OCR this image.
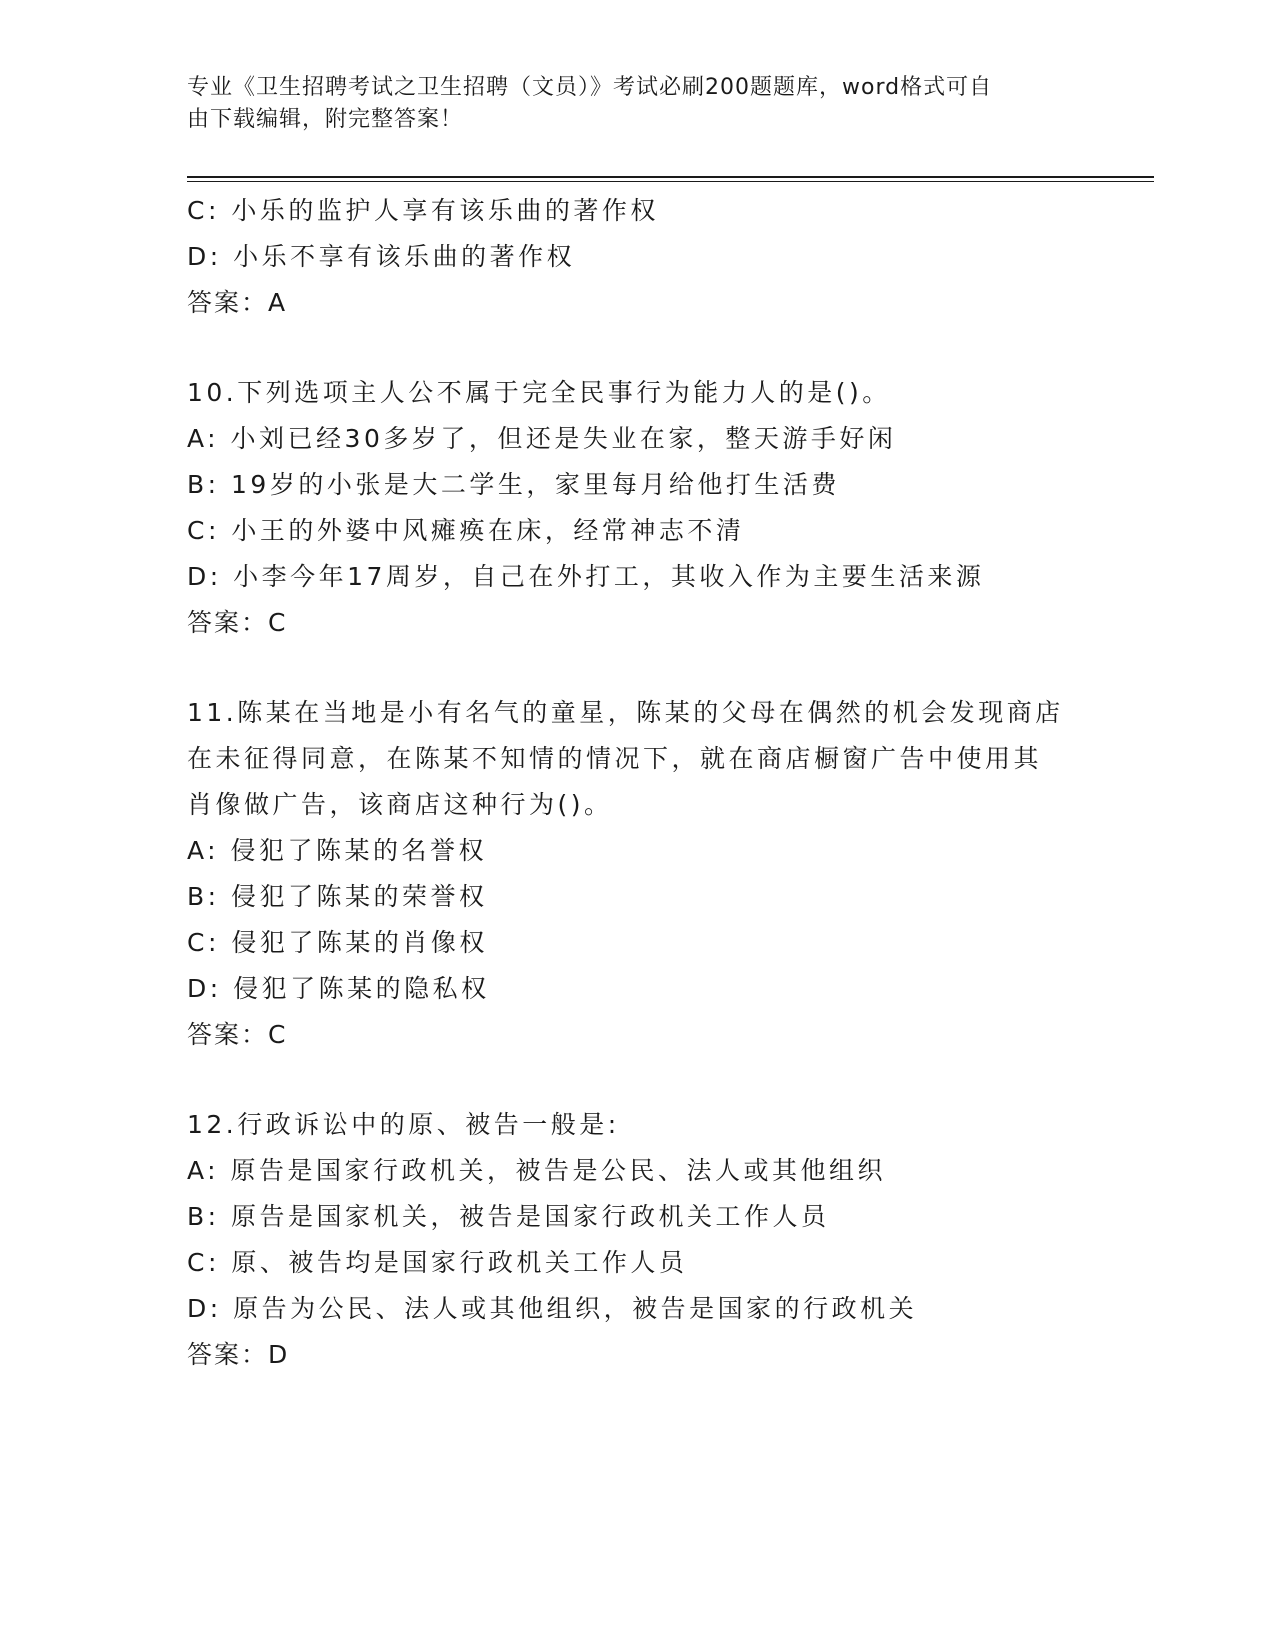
专业《卫生招聘考试之卫生招聘（文员）》考试必刷200题题库，word格式可自
由下载编辑，附完整答案！
C: 小乐的监护人享有该乐曲的著作权
D: 小乐不享有该乐曲的著作权
答案：A
10.下列选项主人公不属于完全民事行为能力人的是()。
A: 小刘已经30多岁了，但还是失业在家，整天游手好闲
B: 19岁的小张是大二学生，家里每月给他打生活费
C: 小王的外婆中风瘫痪在床，经常神志不清
D: 小李今年17周岁，自己在外打工，其收入作为主要生活来源
答案：C
11.陈某在当地是小有名气的童星，陈某的父母在偶然的机会发现商店
在未征得同意，在陈某不知情的情况下，就在商店橱窗广告中使用其
肖像做广告，该商店这种行为()。
A: 侵犯了陈某的名誉权
B: 侵犯了陈某的荣誉权
C: 侵犯了陈某的肖像权
D: 侵犯了陈某的隐私权
答案：C
12.行政诉讼中的原、被告一般是:
A: 原告是国家行政机关，被告是公民、法人或其他组织
B: 原告是国家机关，被告是国家行政机关工作人员
C: 原、被告均是国家行政机关工作人员
D: 原告为公民、法人或其他组织，被告是国家的行政机关
答案：D
